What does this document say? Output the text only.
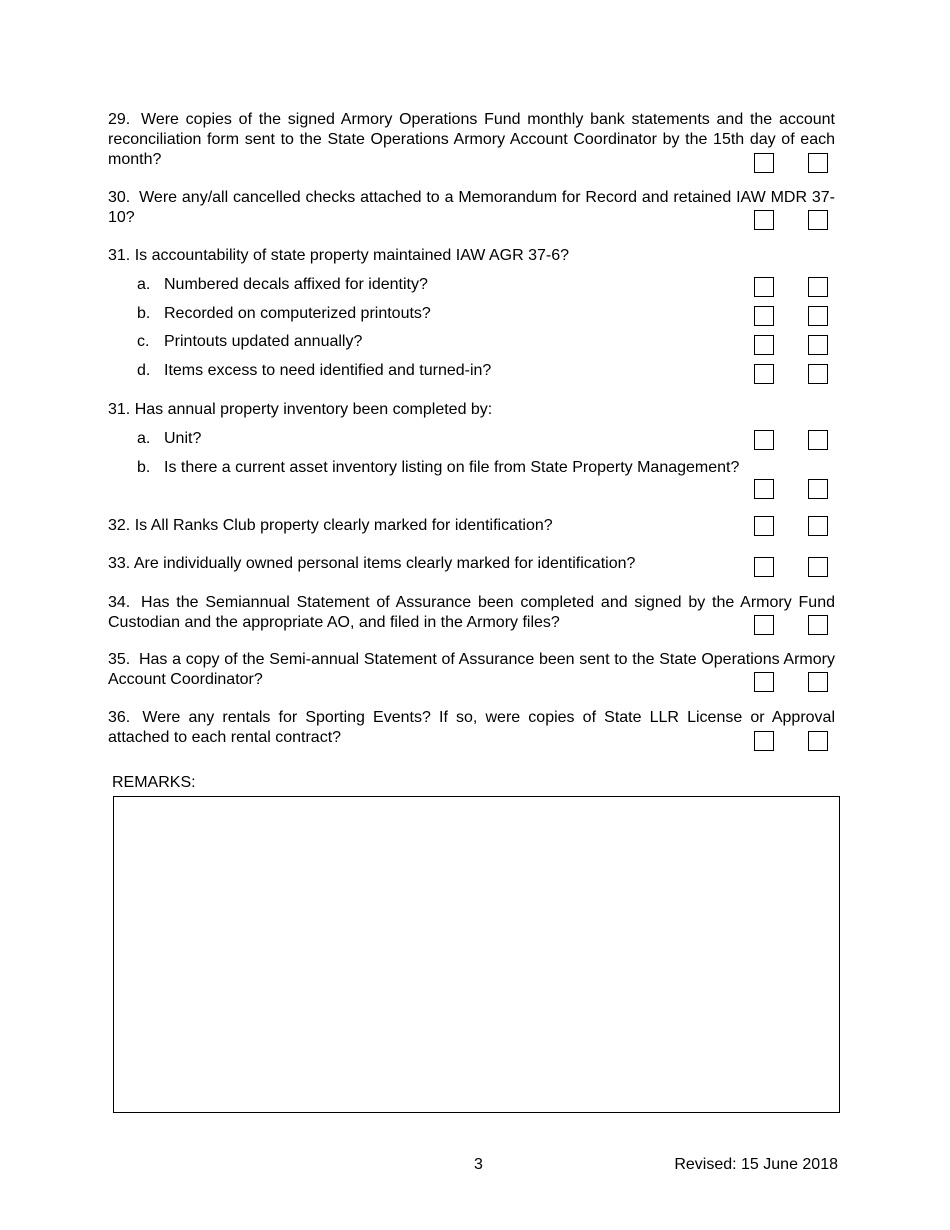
29. Were copies of the signed Armory Operations Fund monthly bank statements and the account reconciliation form sent to the State Operations Armory Account Coordinator by the 15th day of each month?
30. Were any/all cancelled checks attached to a Memorandum for Record and retained IAW MDR 37-10?
31. Is accountability of state property maintained IAW AGR 37-6?
a. Numbered decals affixed for identity?
b. Recorded on computerized printouts?
c. Printouts updated annually?
d. Items excess to need identified and turned-in?
31. Has annual property inventory been completed by:
a. Unit?
b. Is there a current asset inventory listing on file from State Property Management?
32. Is All Ranks Club property clearly marked for identification?
33. Are individually owned personal items clearly marked for identification?
34. Has the Semiannual Statement of Assurance been completed and signed by the Armory Fund Custodian and the appropriate AO, and filed in the Armory files?
35. Has a copy of the Semi-annual Statement of Assurance been sent to the State Operations Armory Account Coordinator?
36. Were any rentals for Sporting Events? If so, were copies of State LLR License or Approval attached to each rental contract?
REMARKS:
3	Revised: 15 June 2018
